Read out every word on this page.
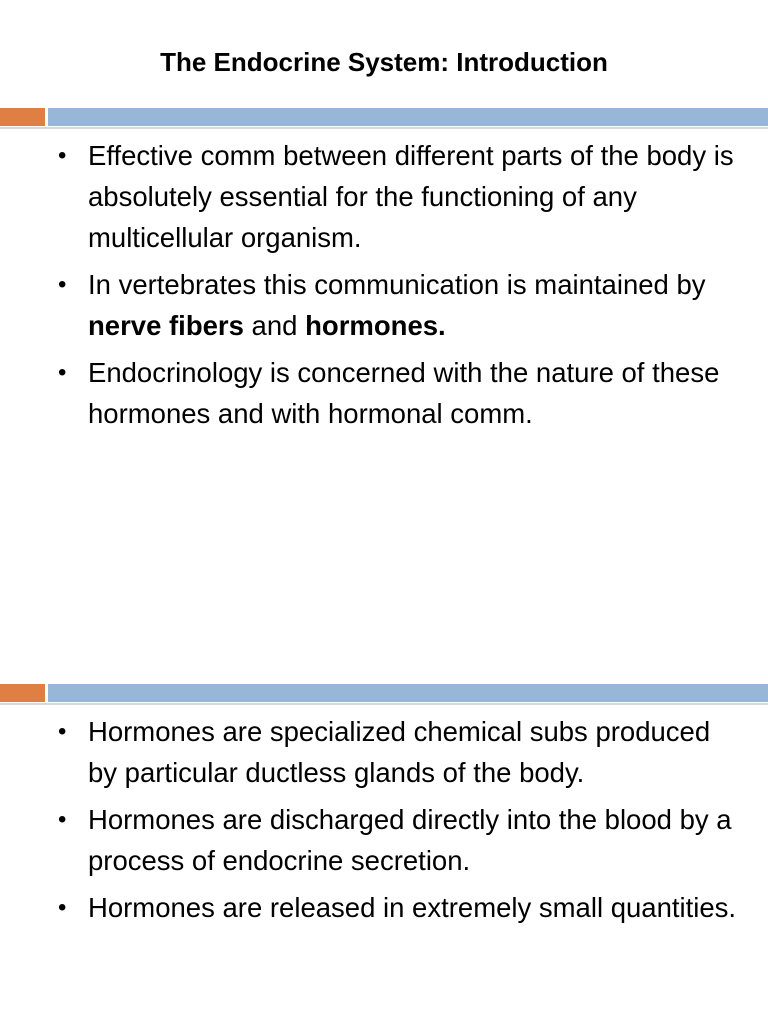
The Endocrine System: Introduction
• Effective comm between different parts of the body is absolutely essential for the functioning of any multicellular organism.
• In vertebrates this communication is maintained by nerve fibers and hormones.
• Endocrinology is concerned with the nature of these hormones and with hormonal comm.
• Hormones are specialized chemical subs produced by particular ductless glands of the body.
• Hormones are discharged directly into the blood by a process of endocrine secretion.
• Hormones are released in extremely small quantities.
